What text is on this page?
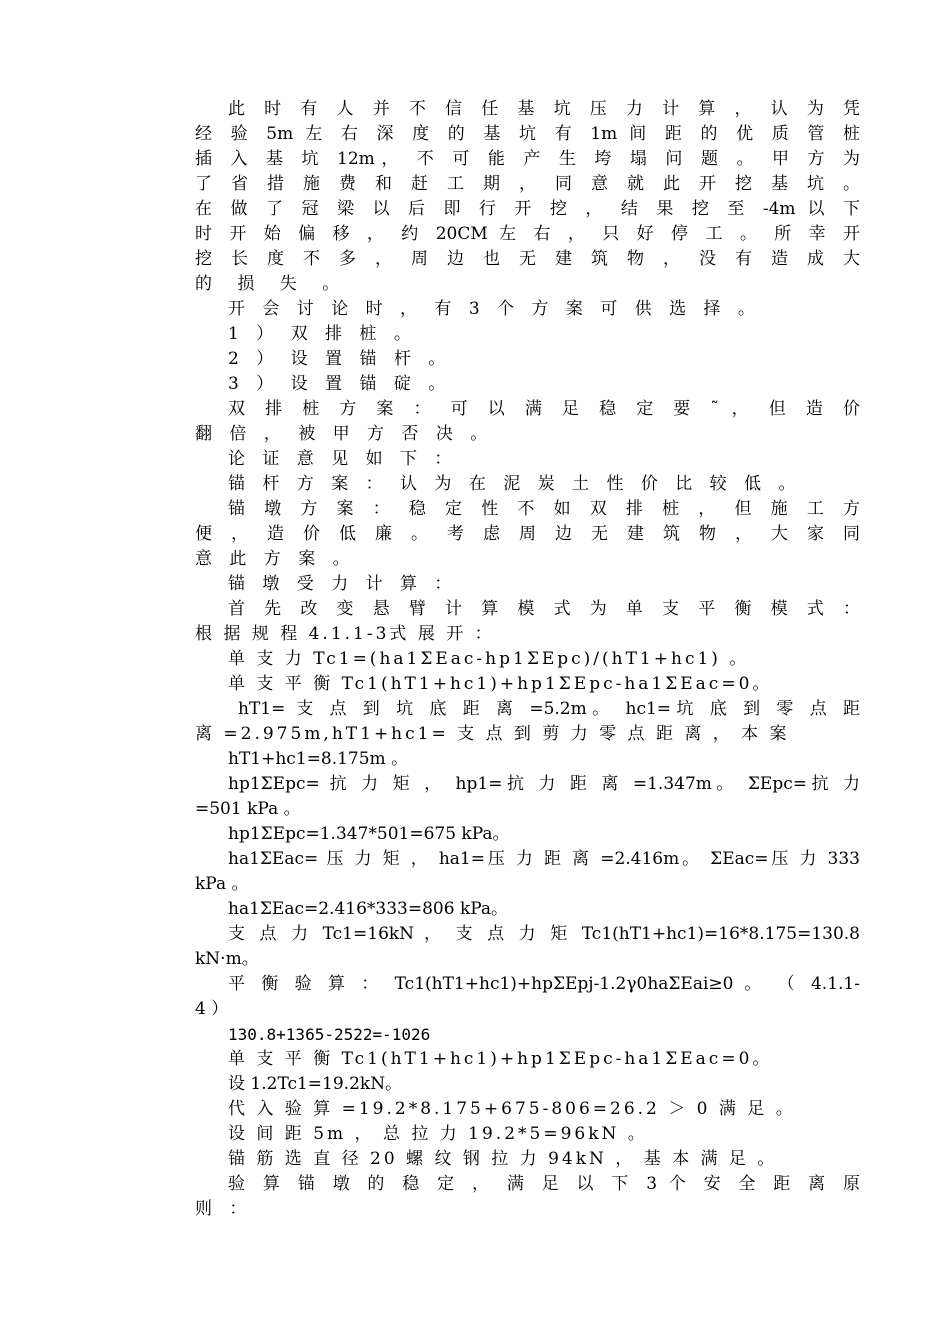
此 时 有 人 并 不 信 任 基 坑 压 力 计 算 ， 认 为 凭
经 验 5m 左 右 深 度 的 基 坑 有 1m 间 距 的 优 质 管 桩
插 入 基 坑 12m， 不 可 能 产 生 垮 塌 问 题 。 甲 方 为
了 省 措 施 费 和 赶 工 期 ， 同 意 就 此 开 挖 基 坑 。
在 做 了 冠 梁 以 后 即 行 开 挖 ， 结 果 挖 至 -4m 以 下
时 开 始 偏 移 ， 约 20CM 左 右 ， 只 好 停 工 。 所 幸 开
挖 长 度 不 多 ， 周 边 也 无 建 筑 物 ， 没 有 造 成 大
的 损 失 。
开 会 讨 论 时 ， 有 3 个 方 案 可 供 选 择 。
1 ） 双 排 桩 。
2 ） 设 置 锚 杆 。
3 ） 设 置 锚 碇 。
双 排 桩 方 案 ： 可 以 满 足 稳 定 要 ˜ ， 但 造 价
翻 倍 ， 被 甲 方 否 决 。
论 证 意 见 如 下 ：
锚 杆 方 案 ： 认 为 在 泥 炭 土 性 价 比 较 低 。
锚 墩 方 案 ： 稳 定 性 不 如 双 排 桩 ， 但 施 工 方
便 ， 造 价 低 廉 。 考 虑 周 边 无 建 筑 物 ， 大 家 同
意 此 方 案 。
锚 墩 受 力 计 算 ：
首 先 改 变 悬 臂 计 算 模 式 为 单 支 平 衡 模 式 ：
根 据 规 程 4.1.1-3式 展 开 ：
单 支 力 Tc1=(ha1ΣEac-hp1ΣEpc)/(hT1+hc1) 。
单 支 平 衡 Tc1(hT1+hc1)+hp1ΣEpc-ha1ΣEac=0。
hT1= 支 点 到 坑 底 距 离 =5.2m。 hc1=坑 底 到 零 点 距
离 =2.975m,hT1+hc1= 支 点 到 剪 力 零 点 距 离 ， 本 案
hT1+hc1=8.175m 。
hp1ΣEpc= 抗 力 矩 ， hp1=抗 力 距 离 =1.347m。 ΣEpc=抗 力
=501 kPa 。
hp1ΣEpc=1.347*501=675 kPa。
ha1ΣEac= 压 力 矩 ， ha1=压 力 距 离 =2.416m。 ΣEac=压 力 333
kPa 。
ha1ΣEac=2.416*333=806 kPa。
支 点 力 Tc1=16kN ， 支 点 力 矩 Tc1(hT1+hc1)=16*8.175=130.8
kN·m。
平 衡 验 算 ： Tc1(hT1+hc1)+hpΣEpj-1.2γ0haΣEai≥0 。 （ 4.1.1-
4 ）
130.8+1365-2522=-1026
单 支 平 衡 Tc1(hT1+hc1)+hp1ΣEpc-ha1ΣEac=0。
设 1.2Tc1=19.2kN。
代 入 验 算 =19.2*8.175+675-806=26.2 ＞ 0 满 足 。
设 间 距 5m ， 总 拉 力 19.2*5=96kN 。
锚 筋 选 直 径 20 螺 纹 钢 拉 力 94kN ， 基 本 满 足 。
验 算 锚 墩 的 稳 定 ， 满 足 以 下 3 个 安 全 距 离 原
则 ：
